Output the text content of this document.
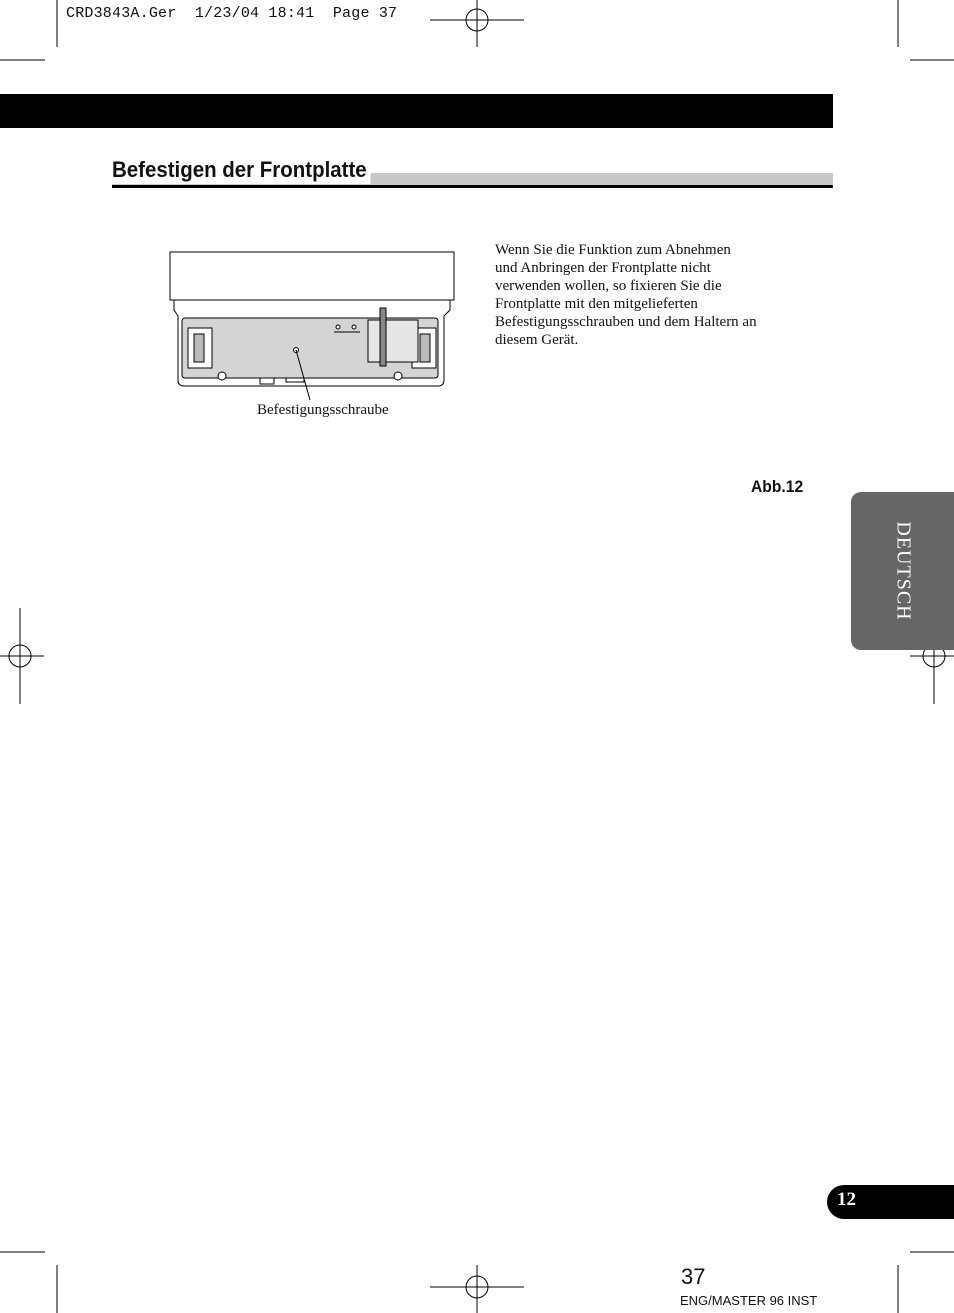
CRD3843A.Ger  1/23/04 18:41  Page 37
Befestigen der Frontplatte
Befestigungsschraube
Wenn Sie die Funktion zum Abnehmen und Anbringen der Frontplatte nicht verwenden wollen, so fixieren Sie die Frontplatte mit den mitgelieferten Befestigungsschrauben und dem Haltern an diesem Gerät.
Abb.12
DEUTSCH
12
37
ENG/MASTER 96 INST
